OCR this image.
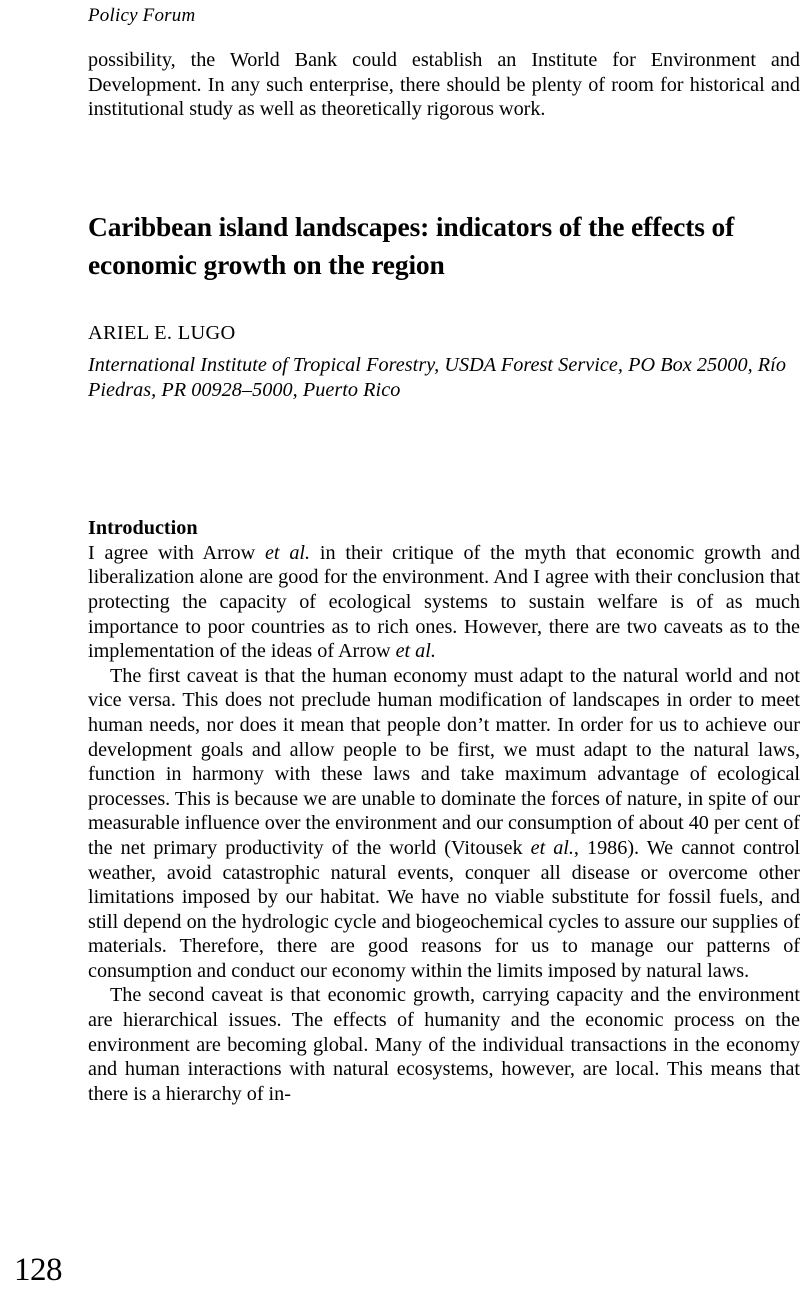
Policy Forum

possibility, the World Bank could establish an Institute for Environment and Development. In any such enterprise, there should be plenty of room for historical and institutional study as well as theoretically rigorous work.

Caribbean island landscapes: indicators of the effects of economic growth on the region

ARIEL E. LUGO

International Institute of Tropical Forestry, USDA Forest Service, PO Box 25000, Río Piedras, PR 00928–5000, Puerto Rico

Introduction

I agree with Arrow et al. in their critique of the myth that economic growth and liberalization alone are good for the environment. And I agree with their conclusion that protecting the capacity of ecological systems to sustain welfare is of as much importance to poor countries as to rich ones. However, there are two caveats as to the implementation of the ideas of Arrow et al.

The first caveat is that the human economy must adapt to the natural world and not vice versa. This does not preclude human modification of landscapes in order to meet human needs, nor does it mean that people don’t matter. In order for us to achieve our development goals and allow people to be first, we must adapt to the natural laws, function in harmony with these laws and take maximum advantage of ecological processes. This is because we are unable to dominate the forces of nature, in spite of our measurable influence over the environment and our consumption of about 40 per cent of the net primary productivity of the world (Vitousek et al., 1986). We cannot control weather, avoid catastrophic natural events, conquer all disease or overcome other limitations imposed by our habitat. We have no viable substitute for fossil fuels, and still depend on the hydrologic cycle and biogeochemical cycles to assure our supplies of materials. Therefore, there are good reasons for us to manage our patterns of consumption and conduct our economy within the limits imposed by natural laws.

The second caveat is that economic growth, carrying capacity and the environment are hierarchical issues. The effects of humanity and the economic process on the environment are becoming global. Many of the individual transactions in the economy and human interactions with natural ecosystems, however, are local. This means that there is a hierarchy of in-

128
